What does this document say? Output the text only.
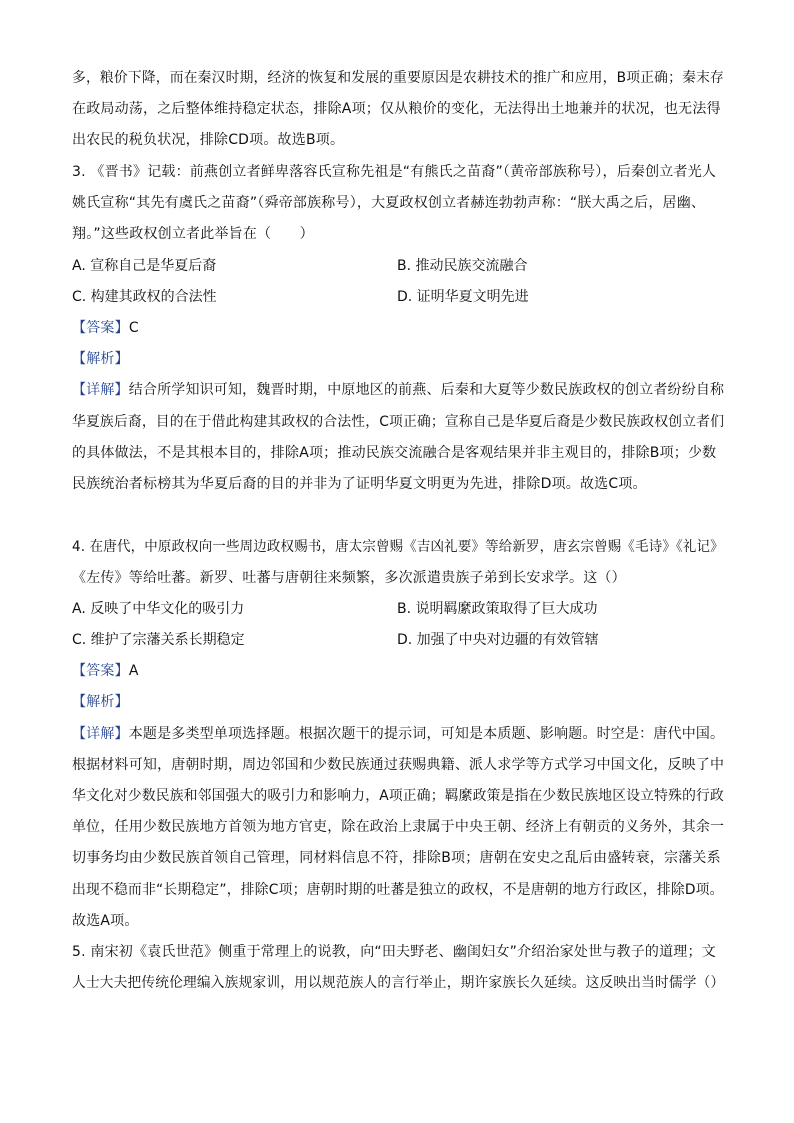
多，粮价下降，而在秦汉时期，经济的恢复和发展的重要原因是农耕技术的推广和应用，B项正确；秦末存
在政局动荡，之后整体维持稳定状态，排除A项；仅从粮价的变化，无法得出土地兼并的状况，也无法得
出农民的税负状况，排除CD项。故选B项。
3. 《晋书》记载：前燕创立者鲜卑落容氏宣称先祖是“有熊氏之苗裔”（黄帝部族称号），后秦创立者光人
姚氏宣称“其先有虞氏之苗裔”（舜帝部族称号），大夏政权创立者赫连勃勃声称：“朕大禹之后，居幽、
翔。”这些政权创立者此举旨在（　　）
A. 宣称自己是华夏后裔	B. 推动民族交流融合
C. 构建其政权的合法性	D. 证明华夏文明先进
【答案】C
【解析】
【详解】结合所学知识可知，魏晋时期，中原地区的前燕、后秦和大夏等少数民族政权的创立者纷纷自称
华夏族后裔，目的在于借此构建其政权的合法性，C项正确；宣称自己是华夏后裔是少数民族政权创立者们
的具体做法，不是其根本目的，排除A项；推动民族交流融合是客观结果并非主观目的，排除B项；少数
民族统治者标榜其为华夏后裔的目的并非为了证明华夏文明更为先进，排除D项。故选C项。
4. 在唐代，中原政权向一些周边政权赐书，唐太宗曾赐《吉凶礼要》等给新罗，唐玄宗曾赐《毛诗》《礼记》
《左传》等给吐蕃。新罗、吐蕃与唐朝往来频繁，多次派遣贵族子弟到长安求学。这（）
A. 反映了中华文化的吸引力	B. 说明羁縻政策取得了巨大成功
C. 维护了宗藩关系长期稳定	D. 加强了中央对边疆的有效管辖
【答案】A
【解析】
【详解】本题是多类型单项选择题。根据次题干的提示词，可知是本质题、影响题。时空是：唐代中国。
根据材料可知，唐朝时期，周边邻国和少数民族通过获赐典籍、派人求学等方式学习中国文化，反映了中
华文化对少数民族和邻国强大的吸引力和影响力，A项正确；羁縻政策是指在少数民族地区设立特殊的行政
单位，任用少数民族地方首领为地方官吏，除在政治上隶属于中央王朝、经济上有朝贡的义务外，其余一
切事务均由少数民族首领自己管理，同材料信息不符，排除B项；唐朝在安史之乱后由盛转衰，宗藩关系
出现不稳而非“长期稳定”，排除C项；唐朝时期的吐蕃是独立的政权，不是唐朝的地方行政区，排除D项。
故选A项。
5. 南宋初《袁氏世范》侧重于常理上的说教，向“田夫野老、幽闺妇女”介绍治家处世与教子的道理；文
人士大夫把传统伦理编入族规家训，用以规范族人的言行举止，期许家族长久延续。这反映出当时儒学（）
